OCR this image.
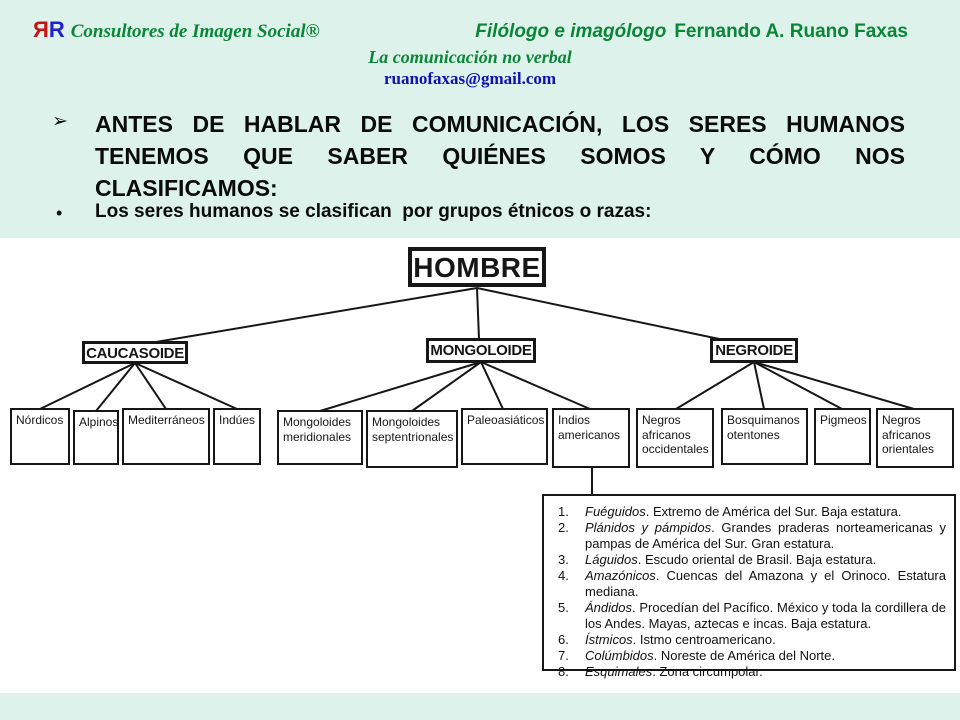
ЯR Consultores de Imagen Social®	Filólogo e imagólogo Fernando A. Ruano Faxas
La comunicación no verbal
ruanofaxas@gmail.com
➢ ANTES DE HABLAR DE COMUNICACIÓN, LOS SERES HUMANOS
TENEMOS QUE SABER QUIÉNES SOMOS Y CÓMO NOS
CLASIFICAMOS:
• Los seres humanos se clasifican  por grupos étnicos o razas:
HOMBRE
CAUCASOIDE	MONGOLOIDE	NEGROIDE
Nórdicos	Alpinos Mediterráneos	Indúes	Mongoloides meridionales
Mongoloides septentrionales
Paleoasiáticos	Indios americanos
Negros africanos occidentales
Bosquimanos otentones
Pigmeos	Negros africanos orientales
1.	Fuéguidos. Extremo de América del Sur. Baja estatura.
2.	Plánidos y pámpidos. Grandes praderas norteamericanas y pampas de América del Sur. Gran estatura.
3.	Láguidos. Escudo oriental de Brasil. Baja estatura.
4.	Amazónicos. Cuencas del Amazona y el Orinoco. Estatura mediana.
5.	Ándidos. Procedían del Pacífico. México y toda la cordillera de los Andes. Mayas, aztecas e incas. Baja estatura.
6.	Ístmicos. Istmo centroamericano.
7.	Colúmbidos. Noreste de América del Norte.
8.	Esquimales. Zona circumpolar.
